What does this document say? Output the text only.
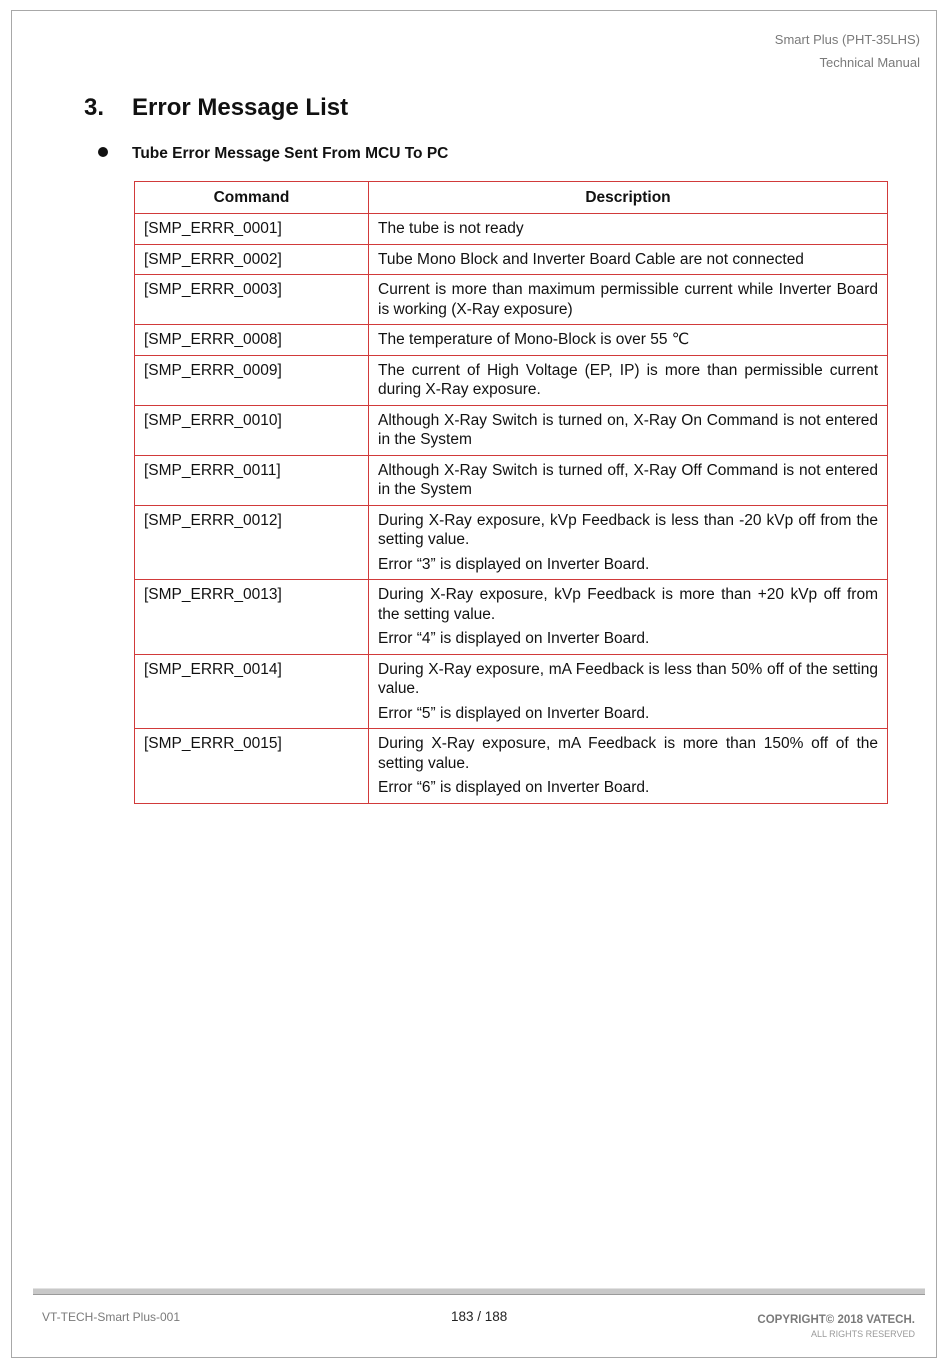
Smart Plus (PHT-35LHS)
Technical Manual
3. Error Message List
Tube Error Message Sent From MCU To PC
Command	Description
[SMP_ERRR_0001]	The tube is not ready

[SMP_ERRR_0002]	Tube Mono Block and Inverter Board Cable are not connected

[SMP_ERRR_0003]	Current is more than maximum permissible current while Inverter Board is working (X-Ray exposure)

[SMP_ERRR_0008]	The temperature of Mono-Block is over 55 ℃

[SMP_ERRR_0009]	The current of High Voltage (EP, IP) is more than permissible current during X-Ray exposure.

[SMP_ERRR_0010]	Although X-Ray Switch is turned on, X-Ray On Command is not entered in the System

[SMP_ERRR_0011]	Although X-Ray Switch is turned off, X-Ray Off Command is not entered in the System

[SMP_ERRR_0012]	During X-Ray exposure, kVp Feedback is less than -20 kVp off from the setting value.
Error “3” is displayed on Inverter Board.

[SMP_ERRR_0013]	During X-Ray exposure, kVp Feedback is more than +20 kVp off from the setting value.
Error “4” is displayed on Inverter Board.

[SMP_ERRR_0014]	During X-Ray exposure, mA Feedback is less than 50% off of the setting value.
Error “5” is displayed on Inverter Board.

[SMP_ERRR_0015]	During X-Ray exposure, mA Feedback is more than 150% off of the setting value.
Error “6” is displayed on Inverter Board.
VT-TECH-Smart Plus-001	183 / 188	COPYRIGHT© 2018 VATECH.
ALL RIGHTS RESERVED
